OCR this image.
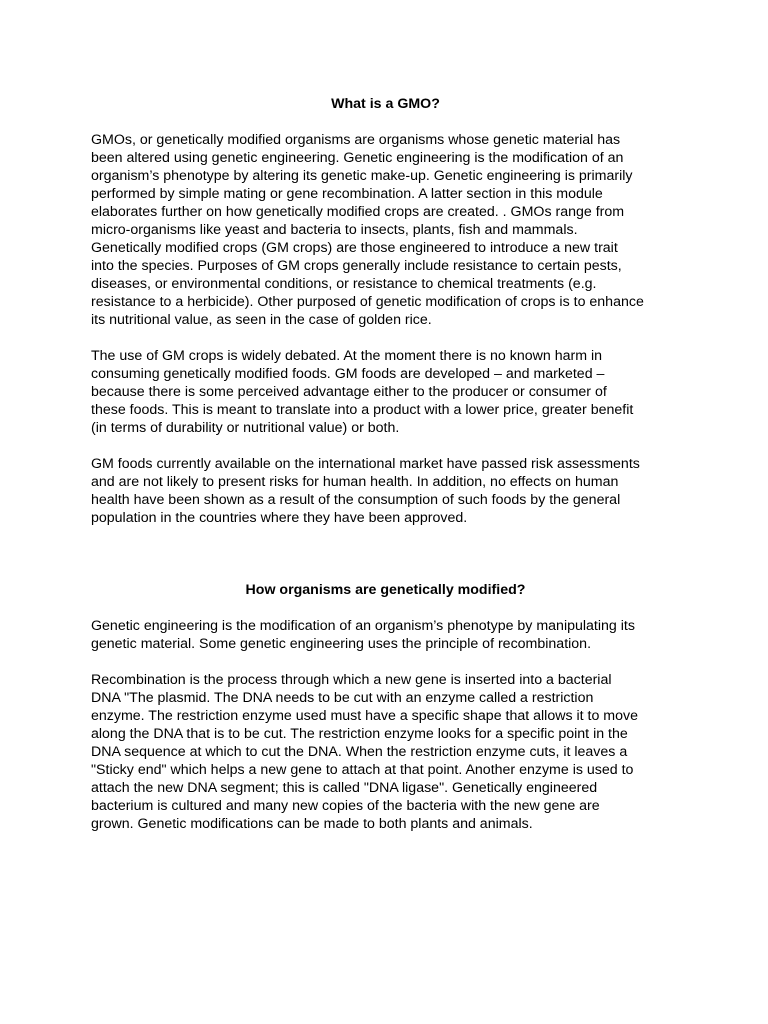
What is a GMO?

GMOs, or genetically modified organisms are organisms whose genetic material has
been altered using genetic engineering. Genetic engineering is the modification of an
organism’s phenotype by altering its genetic make-up. Genetic engineering is primarily
performed by simple mating or gene recombination. A latter section in this module
elaborates further on how genetically modified crops are created. . GMOs range from
micro-organisms like yeast and bacteria to insects, plants, fish and mammals.
Genetically modified crops (GM crops) are those engineered to introduce a new trait
into the species. Purposes of GM crops generally include resistance to certain pests,
diseases, or environmental conditions, or resistance to chemical treatments (e.g.
resistance to a herbicide). Other purposed of genetic modification of crops is to enhance
its nutritional value, as seen in the case of golden rice.

The use of GM crops is widely debated. At the moment there is no known harm in
consuming genetically modified foods. GM foods are developed – and marketed –
because there is some perceived advantage either to the producer or consumer of
these foods. This is meant to translate into a product with a lower price, greater benefit
(in terms of durability or nutritional value) or both.

GM foods currently available on the international market have passed risk assessments
and are not likely to present risks for human health. In addition, no effects on human
health have been shown as a result of the consumption of such foods by the general
population in the countries where they have been approved.

How organisms are genetically modified?

Genetic engineering is the modification of an organism’s phenotype by manipulating its
genetic material. Some genetic engineering uses the principle of recombination.

Recombination is the process through which a new gene is inserted into a bacterial
DNA "The plasmid. The DNA needs to be cut with an enzyme called a restriction
enzyme. The restriction enzyme used must have a specific shape that allows it to move
along the DNA that is to be cut. The restriction enzyme looks for a specific point in the
DNA sequence at which to cut the DNA. When the restriction enzyme cuts, it leaves a
"Sticky end" which helps a new gene to attach at that point. Another enzyme is used to
attach the new DNA segment; this is called "DNA ligase". Genetically engineered
bacterium is cultured and many new copies of the bacteria with the new gene are
grown. Genetic modifications can be made to both plants and animals.
